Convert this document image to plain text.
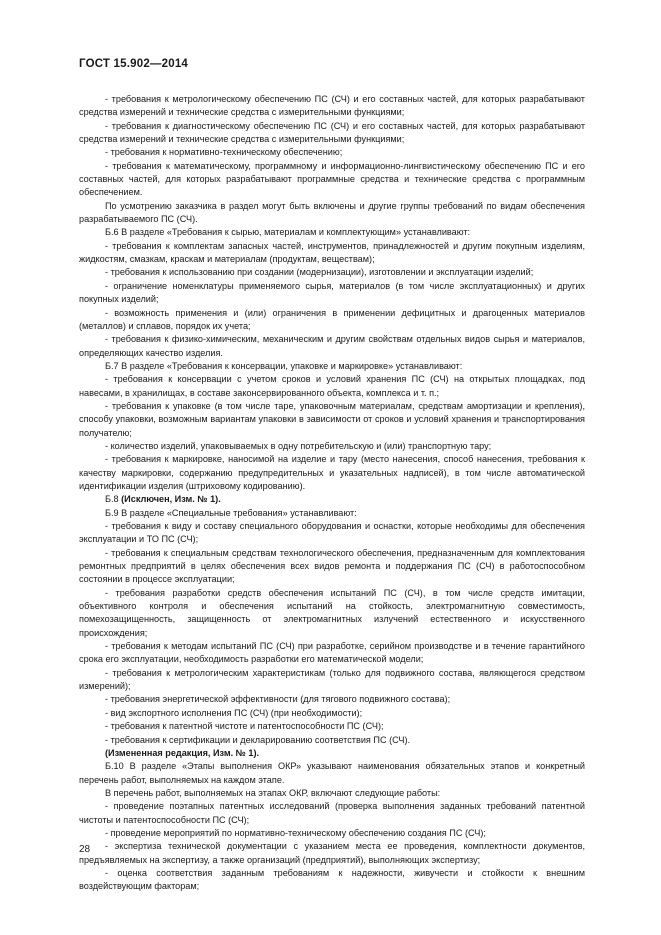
ГОСТ 15.902—2014

- требования к метрологическому обеспечению ПС (СЧ) и его составных частей, для которых разрабатывают средства измерений и технические средства с измерительными функциями;

- требования к диагностическому обеспечению ПС (СЧ) и его составных частей, для которых разрабатывают средства измерений и технические средства с измерительными функциями;

- требования к нормативно-техническому обеспечению;

- требования к математическому, программному и информационно-лингвистическому обеспечению ПС и его составных частей, для которых разрабатывают программные средства и технические средства с программным обеспечением.

По усмотрению заказчика в раздел могут быть включены и другие группы требований по видам обеспечения разрабатываемого ПС (СЧ).

Б.6 В разделе «Требования к сырью, материалам и комплектующим» устанавливают:

- требования к комплектам запасных частей, инструментов, принадлежностей и другим покупным изделиям, жидкостям, смазкам, краскам и материалам (продуктам, веществам);

- требования к использованию при создании (модернизации), изготовлении и эксплуатации изделий;

- ограничение номенклатуры применяемого сырья, материалов (в том числе эксплуатационных) и других покупных изделий;

- возможность применения и (или) ограничения в применении дефицитных и драгоценных материалов (металлов) и сплавов, порядок их учета;

- требования к физико-химическим, механическим и другим свойствам отдельных видов сырья и материалов, определяющих качество изделия.

Б.7 В разделе «Требования к консервации, упаковке и маркировке» устанавливают:

- требования к консервации с учетом сроков и условий хранения ПС (СЧ) на открытых площадках, под навесами, в хранилищах, в составе законсервированного объекта, комплекса и т. п.;

- требования к упаковке (в том числе таре, упаковочным материалам, средствам амортизации и крепления), способу упаковки, возможным вариантам упаковки в зависимости от сроков и условий хранения и транспортирования получателю;

- количество изделий, упаковываемых в одну потребительскую и (или) транспортную тару;

- требования к маркировке, наносимой на изделие и тару (место нанесения, способ нанесения, требования к качеству маркировки, содержанию предупредительных и указательных надписей), в том числе автоматической идентификации изделия (штриховому кодированию).

Б.8 (Исключен, Изм. № 1).

Б.9 В разделе «Специальные требования» устанавливают:

- требования к виду и составу специального оборудования и оснастки, которые необходимы для обеспечения эксплуатации и ТО ПС (СЧ);

- требования к специальным средствам технологического обеспечения, предназначенным для комплектования ремонтных предприятий в целях обеспечения всех видов ремонта и поддержания ПС (СЧ) в работоспособном состоянии в процессе эксплуатации;

- требования разработки средств обеспечения испытаний ПС (СЧ), в том числе средств имитации, объективного контроля и обеспечения испытаний на стойкость, электромагнитную совместимость, помехозащищенность, защищенность от электромагнитных излучений естественного и искусственного происхождения;

- требования к методам испытаний ПС (СЧ) при разработке, серийном производстве и в течение гарантийного срока его эксплуатации, необходимость разработки его математической модели;

- требования к метрологическим характеристикам (только для подвижного состава, являющегося средством измерений);

- требования энергетической эффективности (для тягового подвижного состава);

- вид экспортного исполнения ПС (СЧ) (при необходимости);

- требования к патентной чистоте и патентоспособности ПС (СЧ);

- требования к сертификации и декларированию соответствия ПС (СЧ).

(Измененная редакция, Изм. № 1).

Б.10 В разделе «Этапы выполнения ОКР» указывают наименования обязательных этапов и конкретный перечень работ, выполняемых на каждом этапе.

В перечень работ, выполняемых на этапах ОКР, включают следующие работы:

- проведение поэтапных патентных исследований (проверка выполнения заданных требований патентной чистоты и патентоспособности ПС (СЧ);

- проведение мероприятий по нормативно-техническому обеспечению создания ПС (СЧ);

- экспертиза технической документации с указанием места ее проведения, комплектности документов, предъявляемых на экспертизу, а также организаций (предприятий), выполняющих экспертизу;

- оценка соответствия заданным требованиям к надежности, живучести и стойкости к внешним воздействующим факторам;

28
